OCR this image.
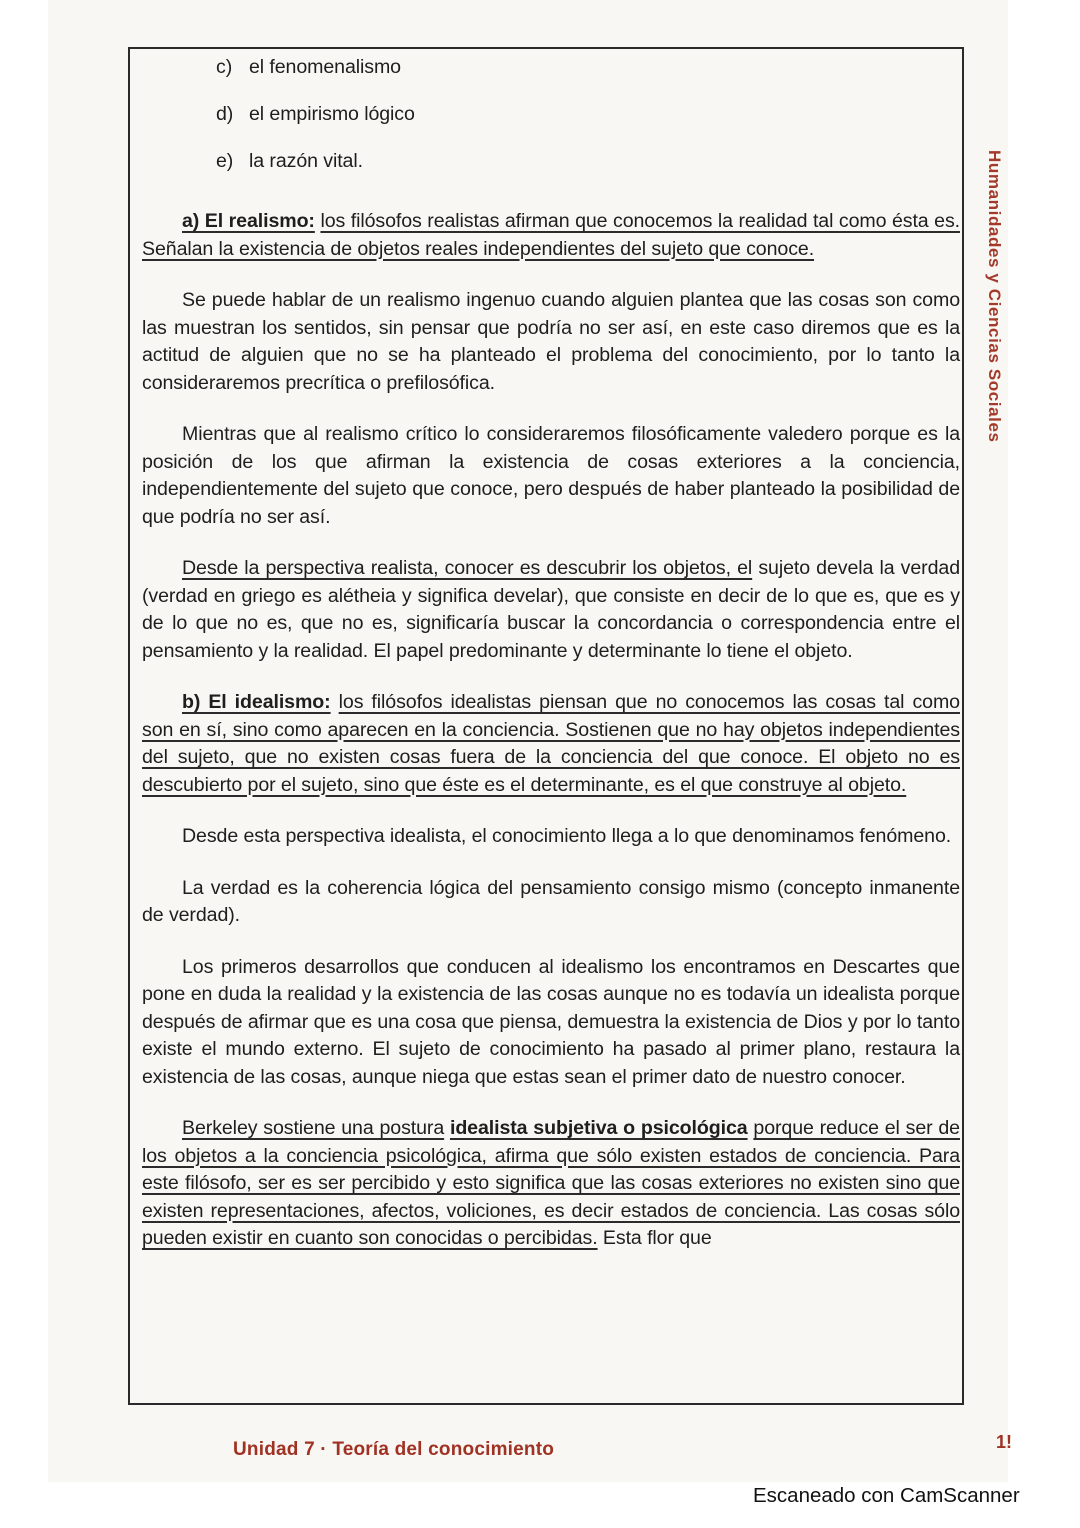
Humanidades y Ciencias Sociales
c) el fenomenalismo
d) el empirismo lógico
e) la razón vital.

a) El realismo: los filósofos realistas afirman que conocemos la realidad tal como ésta es. Señalan la existencia de objetos reales independientes del sujeto que conoce.

Se puede hablar de un realismo ingenuo cuando alguien plantea que las cosas son como las muestran los sentidos, sin pensar que podría no ser así, en este caso diremos que es la actitud de alguien que no se ha planteado el problema del conocimiento, por lo tanto la consideraremos precrítica o prefilosófica.

Mientras que al realismo crítico lo consideraremos filosóficamente valedero porque es la posición de los que afirman la existencia de cosas exteriores a la conciencia, independientemente del sujeto que conoce, pero después de haber planteado la posibilidad de que podría no ser así.

Desde la perspectiva realista, conocer es descubrir los objetos, el sujeto devela la verdad (verdad en griego es alétheia y significa develar), que consiste en decir de lo que es, que es y de lo que no es, que no es, significaría buscar la concordancia o correspondencia entre el pensamiento y la realidad. El papel predominante y determinante lo tiene el objeto.

b) El idealismo: los filósofos idealistas piensan que no conocemos las cosas tal como son en sí, sino como aparecen en la conciencia. Sostienen que no hay objetos independientes del sujeto, que no existen cosas fuera de la conciencia del que conoce. El objeto no es descubierto por el sujeto, sino que éste es el determinante, es el que construye al objeto.

Desde esta perspectiva idealista, el conocimiento llega a lo que denominamos fenómeno.

La verdad es la coherencia lógica del pensamiento consigo mismo (concepto inmanente de verdad).

Los primeros desarrollos que conducen al idealismo los encontramos en Descartes que pone en duda la realidad y la existencia de las cosas aunque no es todavía un idealista porque después de afirmar que es una cosa que piensa, demuestra la existencia de Dios y por lo tanto existe el mundo externo. El sujeto de conocimiento ha pasado al primer plano, restaura la existencia de las cosas, aunque niega que estas sean el primer dato de nuestro conocer.

Berkeley sostiene una postura idealista subjetiva o psicológica porque reduce el ser de los objetos a la conciencia psicológica, afirma que sólo existen estados de conciencia. Para este filósofo, ser es ser percibido y esto significa que las cosas exteriores no existen sino que existen representaciones, afectos, voliciones, es decir estados de conciencia. Las cosas sólo pueden existir en cuanto son conocidas o percibidas. Esta flor que

Unidad 7 · Teoría del conocimiento	1!
Escaneado con CamScanner
